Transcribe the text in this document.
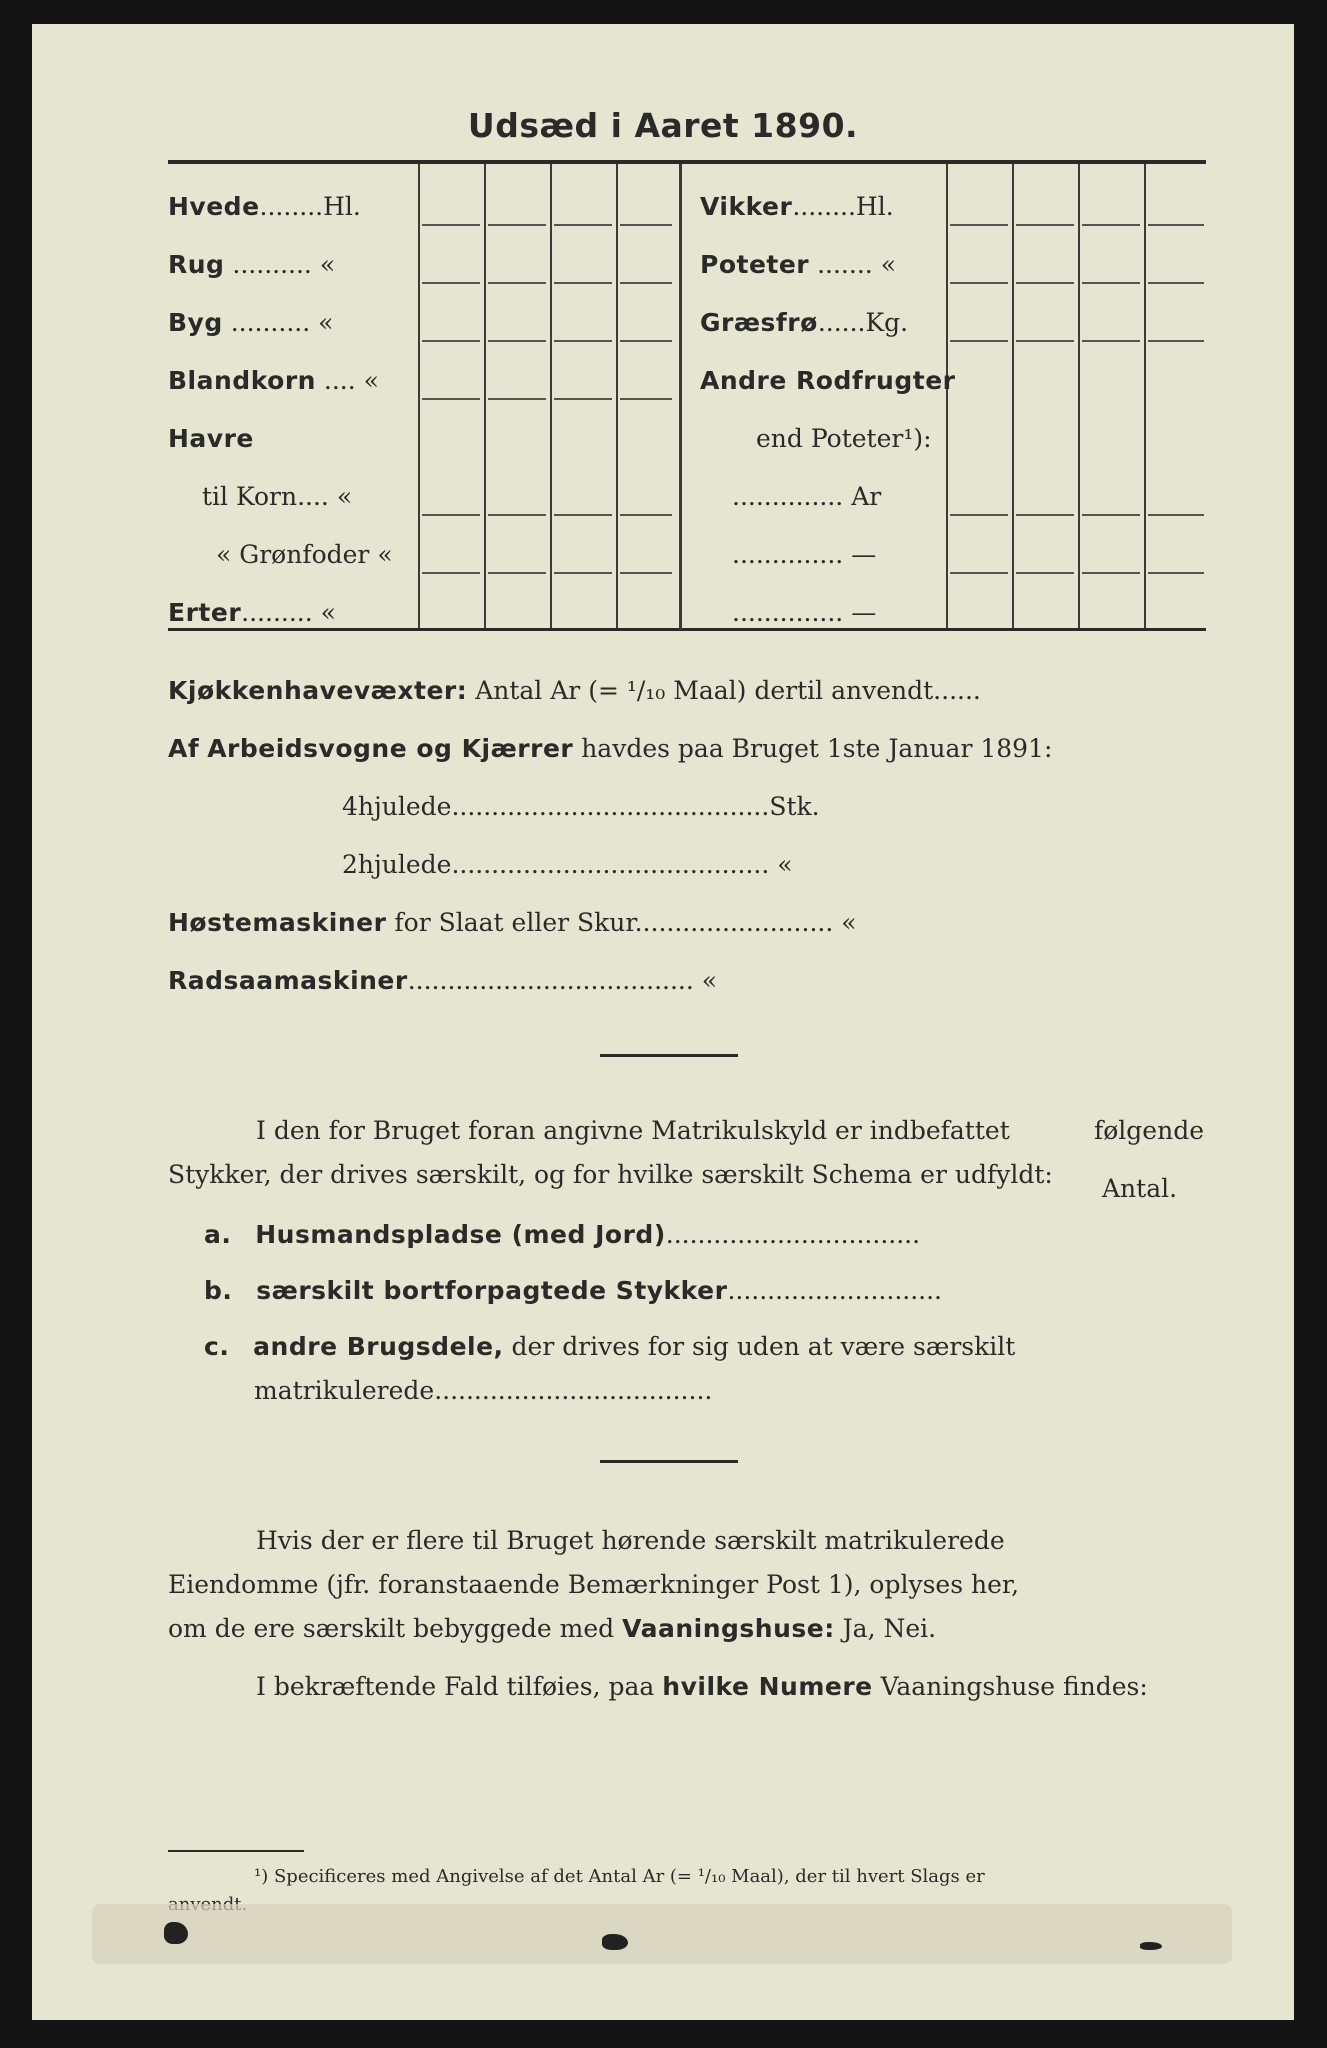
Udsæd i Aaret 1890.
Hvede........Hl.
Rug .......... «
Byg .......... «
Blandkorn .... «
Havre
til Korn.... «
« Grønfoder «
Erter......... «
Vikker........Hl.
Poteter ....... «
Græsfrø......Kg.
Andre Rodfrugter
end Poteter¹):
.............. Ar
.............. —
.............. —
Kjøkkenhavevæxter: Antal Ar (= ¹/₁₀ Maal) dertil anvendt......
Af Arbeidsvogne og Kjærrer havdes paa Bruget 1ste Januar 1891:
4hjulede........................................Stk.
2hjulede........................................ «
Høstemaskiner for Slaat eller Skur......................... «
Radsaamaskiner.................................... «
I den for Bruget foran angivne Matrikulskyld er indbefattet	følgende
Stykker, der drives særskilt, og for hvilke særskilt Schema er udfyldt: Antal.
a. Husmandspladse (med Jord)................................
b. særskilt bortforpagtede Stykker...........................
c. andre Brugsdele, der drives for sig uden at være særskilt
matrikulerede...................................
Hvis der er flere til Bruget hørende særskilt matrikulerede
Eiendomme (jfr. foranstaaende Bemærkninger Post 1), oplyses her,
om de ere særskilt bebyggede med Vaaningshuse: Ja, Nei.
I bekræftende Fald tilføies, paa hvilke Numere Vaaningshuse findes:
¹) Specificeres med Angivelse af det Antal Ar (= ¹/₁₀ Maal), der til hvert Slags er
